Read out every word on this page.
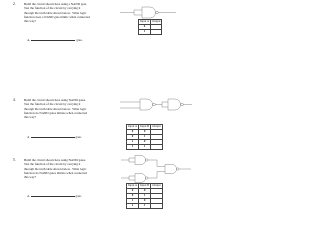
2.	Build the circuit shown here using a NAND gate.
Test the function of the circuit by carrying it
through the truth table shown below.  What logic
function does a NAND gate mimic when connected
this way?

A.	gate.

Input A	Output
0	
1	
4.	Build the circuit shown here using NAND gates.
Test the function of the circuit by carrying it
through the truth table shown below.  What logic
function do NAND gates imitate when connected
this way?

A	gate.

Input A	Input B	Output
0	0	
0	1	
1	0	
1	1	
5.	Build the circuit shown here using NAND gates.
Test the function of the circuit by carrying it
through the truth table shown below.  What logic
function do NAND gates imitate when connected
this way?

A	gate.

Input A	Input B	Output
0	0	
0	1	
1	0	
1	1	
